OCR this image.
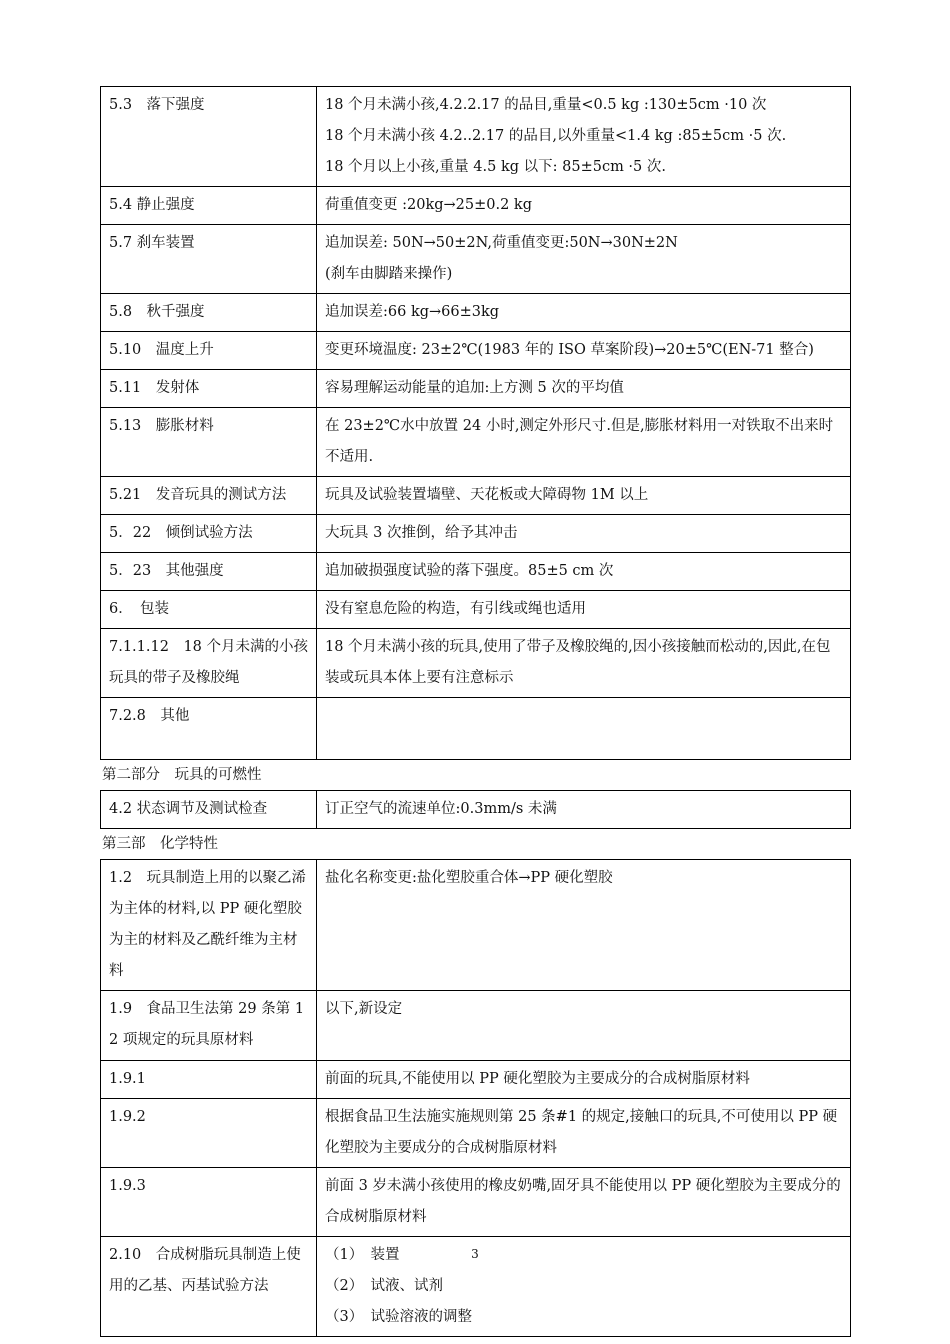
5.3　落下强度	18 个月未满小孩,4.2.2.17 的品目,重量<0.5 kg :130±5cm ·10 次
18 个月未满小孩 4.2..2.17 的品目,以外重量<1.4 kg :85±5cm ·5 次.
18 个月以上小孩,重量 4.5 kg 以下: 85±5cm ·5 次.

5.4 静止强度	荷重值变更 :20kg→25±0.2 kg

5.7 刹车装置	追加误差: 50N→50±2N,荷重值变更:50N→30N±2N
(刹车由脚踏来操作)

5.8　秋千强度	追加误差:66 kg→66±3kg

5.10　温度上升	变更环境温度: 23±2℃(1983 年的 ISO 草案阶段)→20±5℃(EN-71 整合)

5.11　发射体	容易理解运动能量的追加:上方测 5 次的平均值

5.13　膨胀材料	在 23±2℃水中放置 24 小时,测定外形尺寸.但是,膨胀材料用一对铁取不出来时不适用.

5.21　发音玩具的测试方法	玩具及试验装置墙壁、天花板或大障碍物 1M 以上

5．22　倾倒试验方法	大玩具 3 次推倒，给予其冲击

5．23　其他强度	追加破损强度试验的落下强度。85±5 cm 次

6．　包装	没有窒息危险的构造，有引线或绳也适用

7.1.1.12　18 个月未满的小孩玩具的带子及橡胶绳	18 个月未满小孩的玩具,使用了带子及橡胶绳的,因小孩接触而松动的,因此,在包装或玩具本体上要有注意标示

7.2.8　其他	

第二部分　玩具的可燃性
4.2 状态调节及测试检查	订正空气的流速单位:0.3mm/s 未满
第三部　化学特性
1.2　玩具制造上用的以聚乙浠为主体的材料,以 PP 硬化塑胶为主的材料及乙酰纤维为主材料	盐化名称变更:盐化塑胶重合体→PP 硬化塑胶

1.9　食品卫生法第 29 条第 12 项规定的玩具原材料	以下,新设定

1.9.1	前面的玩具,不能使用以 PP 硬化塑胶为主要成分的合成树脂原材料

1.9.2	根据食品卫生法施实施规则第 25 条#1 的规定,接触口的玩具,不可使用以 PP 硬化塑胶为主要成分的合成树脂原材料

1.9.3	前面 3 岁未满小孩使用的橡皮奶嘴,固牙具不能使用以 PP 硬化塑胶为主要成分的合成树脂原材料

2.10　合成树脂玩具制造上使用的乙基、丙基试验方法	（1）　装置
（2）　试液、试剂
（3）　试验溶液的调整
3
